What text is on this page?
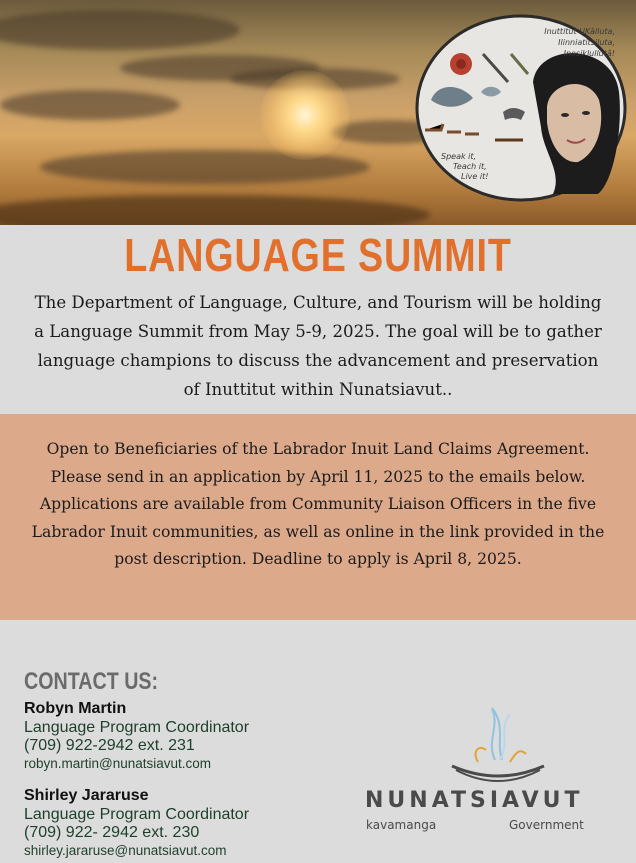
Inuttitut UKâlluta,
Ilinniatitsiluta,
Inosiklullutâ!
Speak it,
Teach it,
Live it!
LANGUAGE SUMMIT
The Department of Language, Culture, and Tourism will be holding a Language Summit from May 5-9, 2025. The goal will be to gather language champions to discuss the advancement and preservation of Inuttitut within Nunatsiavut..
Open to Beneficiaries of the Labrador Inuit Land Claims Agreement. Please send in an application by April 11, 2025 to the emails below. Applications are available from Community Liaison Officers in the five Labrador Inuit communities, as well as online in the link provided in the post description. Deadline to apply is April 8, 2025.
CONTACT US:
Robyn Martin
Language Program Coordinator
(709) 922-2942 ext. 231
robyn.martin@nunatsiavut.com
Shirley Jararuse
Language Program Coordinator
(709) 922- 2942 ext. 230
shirley.jararuse@nunatsiavut.com
NUNATSIAVUT
kavamanga	Government
